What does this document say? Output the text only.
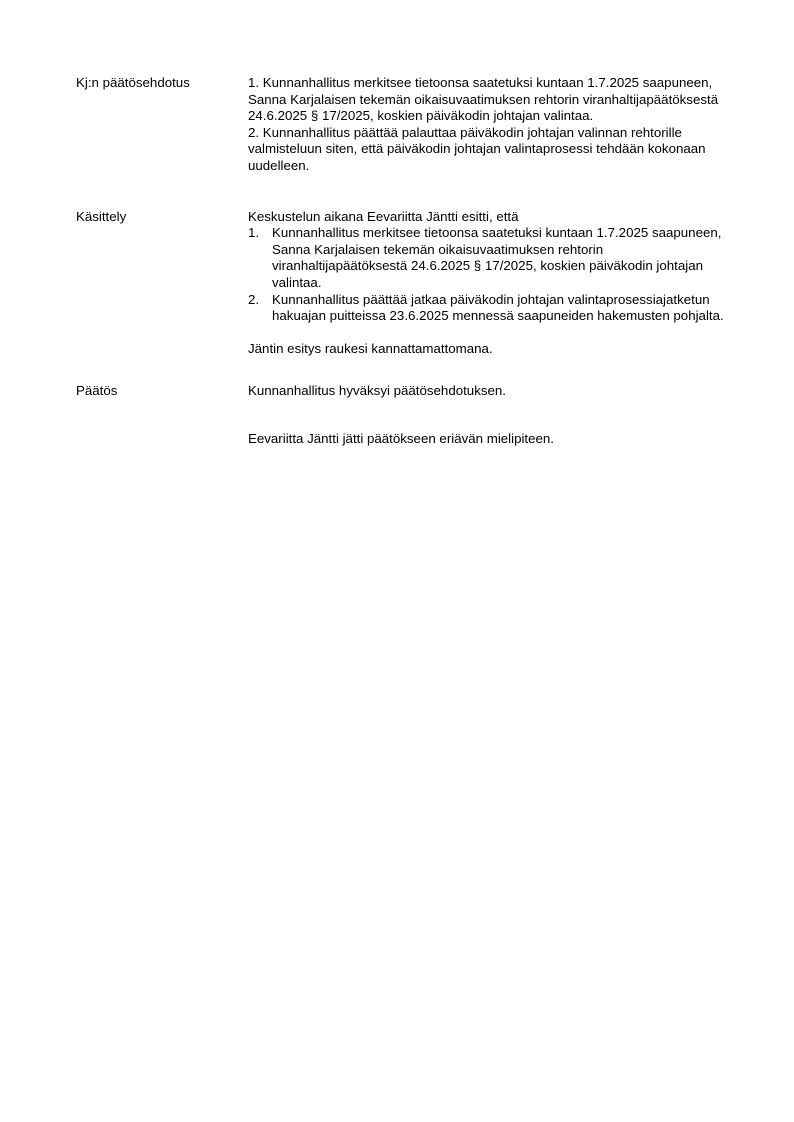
Kj:n päätösehdotus	1. Kunnanhallitus merkitsee tietoonsa saatetuksi kuntaan 1.7.2025 saapuneen, Sanna Karjalaisen tekemän oikaisuvaatimuksen rehtorin viranhaltijapäätöksestä 24.6.2025 § 17/2025, koskien päiväkodin johtajan valintaa.

2. Kunnanhallitus päättää palauttaa päiväkodin johtajan valinnan rehtorille valmisteluun siten, että päiväkodin johtajan valintaprosessi tehdään kokonaan uudelleen.

Käsittely	Keskustelun aikana Eevariitta Jäntti esitti, että

1. Kunnanhallitus merkitsee tietoonsa saatetuksi kuntaan 1.7.2025 saapuneen, Sanna Karjalaisen tekemän oikaisuvaatimuksen rehtorin viranhaltijapäätöksestä 24.6.2025 § 17/2025, koskien päiväkodin johtajan valintaa.
2. Kunnanhallitus päättää jatkaa päiväkodin johtajan valintaprosessiajatketun hakuajan puitteissa 23.6.2025 mennessä saapuneiden hakemusten pohjalta.

Jäntin esitys raukesi kannattamattomana.

Päätös	Kunnanhallitus hyväksyi päätösehdotuksen.

Eevariitta Jäntti jätti päätökseen eriävän mielipiteen.
